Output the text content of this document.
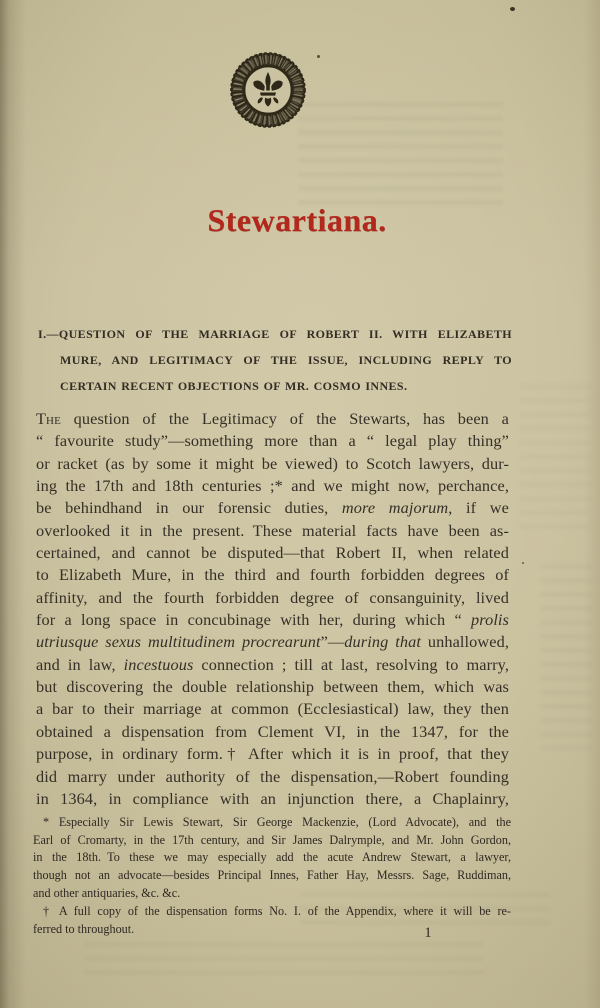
Stewartiana.
I.—QUESTION OF THE MARRIAGE OF ROBERT II. WITH ELIZABETH
MURE, AND LEGITIMACY OF THE ISSUE, INCLUDING REPLY TO
CERTAIN RECENT OBJECTIONS OF MR. COSMO INNES.
The question of the Legitimacy of the Stewarts, has been a
“ favourite study”—something more than a “ legal play thing”
or racket (as by some it might be viewed) to Scotch lawyers, dur-
ing the 17th and 18th centuries ;* and we might now, perchance,
be behindhand in our forensic duties, more majorum, if we
overlooked it in the present. These material facts have been as-
certained, and cannot be disputed—that Robert II, when related
to Elizabeth Mure, in the third and fourth forbidden degrees of
affinity, and the fourth forbidden degree of consanguinity, lived
for a long space in concubinage with her, during which “ prolis
utriusque sexus multitudinem procrearunt”—during that unhallowed,
and in law, incestuous connection ; till at last, resolving to marry,
but discovering the double relationship between them, which was
a bar to their marriage at common (Ecclesiastical) law, they then
obtained a dispensation from Clement VI, in the 1347, for the
purpose, in ordinary form.† After which it is in proof, that they
did marry under authority of the dispensation,—Robert founding
in 1364, in compliance with an injunction there, a Chaplainry,
* Especially Sir Lewis Stewart, Sir George Mackenzie, (Lord Advocate), and the
Earl of Cromarty, in the 17th century, and Sir James Dalrymple, and Mr. John Gordon,
in the 18th. To these we may especially add the acute Andrew Stewart, a lawyer,
though not an advocate—besides Principal Innes, Father Hay, Messrs. Sage, Ruddiman,
and other antiquaries, &c. &c.
† A full copy of the dispensation forms No. I. of the Appendix, where it will be re-
ferred to throughout.	1
